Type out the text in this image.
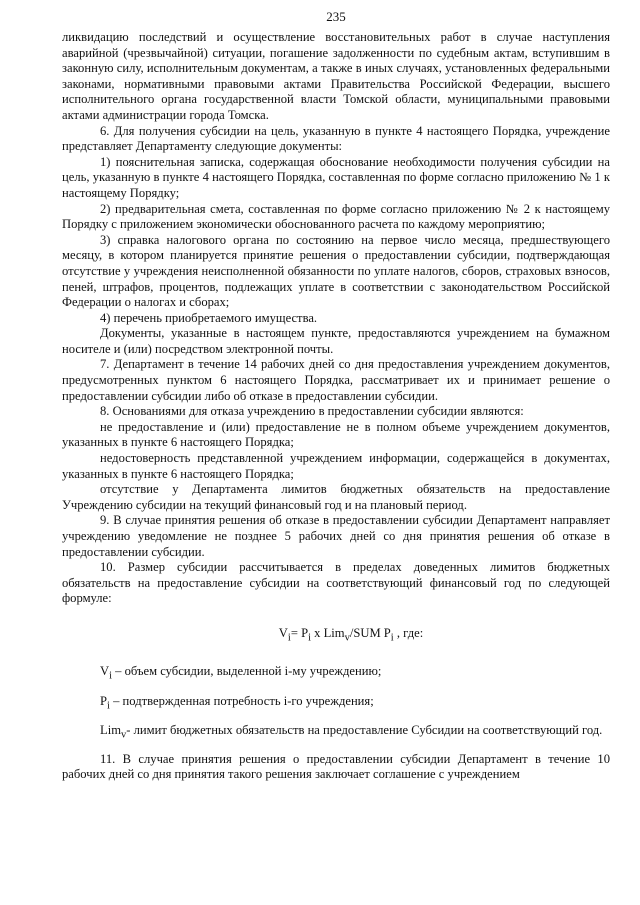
235

ликвидацию последствий и осуществление восстановительных работ в случае наступления аварийной (чрезвычайной) ситуации, погашение задолженности по судебным актам, вступившим в законную силу, исполнительным документам, а также в иных случаях, установленных федеральными законами, нормативными правовыми актами Правительства Российской Федерации, высшего исполнительного органа государственной власти Томской области, муниципальными правовыми актами администрации города Томска.

6. Для получения субсидии на цель, указанную в пункте 4 настоящего Порядка, учреждение представляет Департаменту следующие документы:

1) пояснительная записка, содержащая обоснование необходимости получения субсидии на цель, указанную в пункте 4 настоящего Порядка, составленная по форме согласно приложению № 1 к настоящему Порядку;

2) предварительная смета, составленная по форме согласно приложению № 2 к настоящему Порядку с приложением экономически обоснованного расчета по каждому мероприятию;

3) справка налогового органа по состоянию на первое число месяца, предшествующего месяцу, в котором планируется принятие решения о предоставлении субсидии, подтверждающая отсутствие у учреждения неисполненной обязанности по уплате налогов, сборов, страховых взносов, пеней, штрафов, процентов, подлежащих уплате в соответствии с законодательством Российской Федерации о налогах и сборах;

4) перечень приобретаемого имущества.

Документы, указанные в настоящем пункте, предоставляются учреждением на бумажном носителе и (или) посредством электронной почты.

7. Департамент в течение 14 рабочих дней со дня предоставления учреждением документов, предусмотренных пунктом 6 настоящего Порядка, рассматривает их и принимает решение о предоставлении субсидии либо об отказе в предоставлении субсидии.

8. Основаниями для отказа учреждению в предоставлении субсидии являются:

не предоставление и (или) предоставление не в полном объеме учреждением документов, указанных в пункте 6 настоящего Порядка;

недостоверность представленной учреждением информации, содержащейся в документах, указанных в пункте 6 настоящего Порядка;

отсутствие у Департамента лимитов бюджетных обязательств на предоставление Учреждению субсидии на текущий финансовый год и на плановый период.

9. В случае принятия решения об отказе в предоставлении субсидии Департамент направляет учреждению уведомление не позднее 5 рабочих дней со дня принятия решения об отказе в предоставлении субсидии.

10. Размер субсидии рассчитывается в пределах доведенных лимитов бюджетных обязательств на предоставление субсидии на соответствующий финансовый год по следующей формуле:

$V_i= P_i$ x Lim$_v$/SUM $P_i$ , где:

$V_i$ – объем субсидии, выделенной i-му учреждению;

$P_i$ – подтвержденная потребность i-го учреждения;

Lim$_v$- лимит бюджетных обязательств на предоставление Субсидии на соответствующий год.

11. В случае принятия решения о предоставлении субсидии Департамент в течение 10 рабочих дней со дня принятия такого решения заключает соглашение с учреждением
